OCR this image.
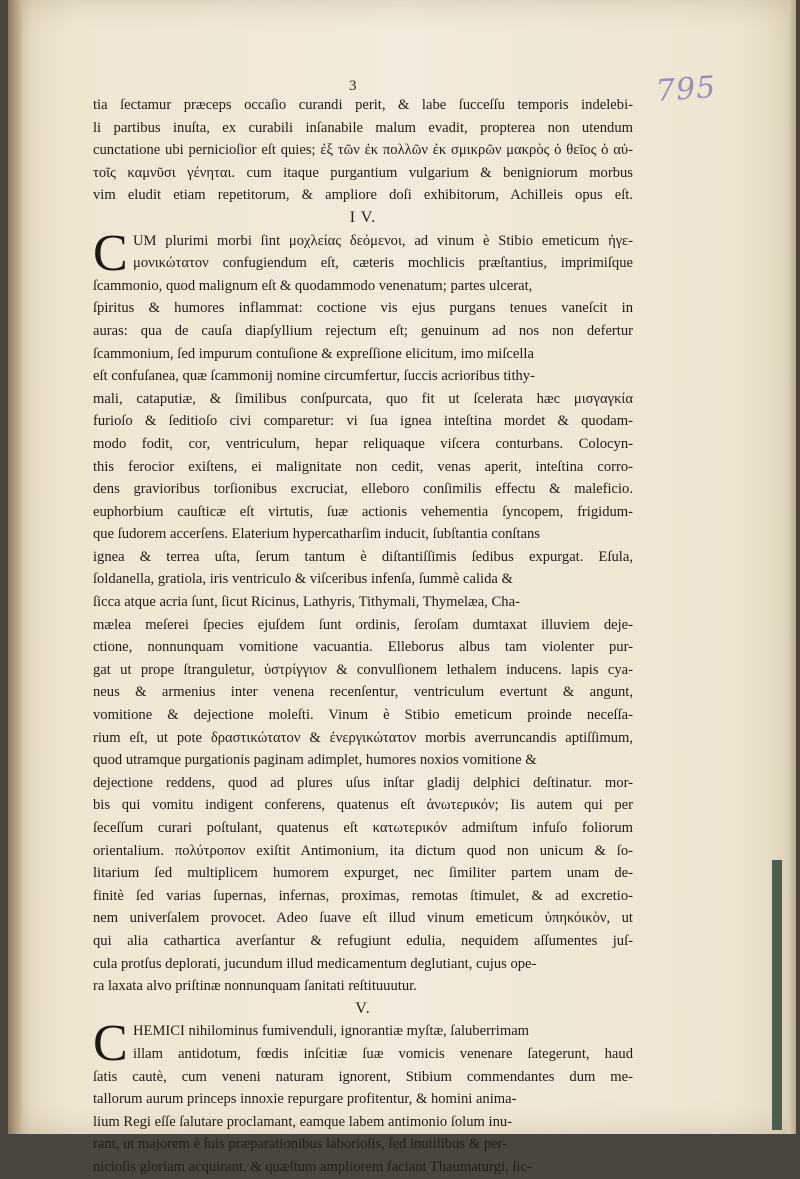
3	795
tia ſectamur præceps occaſio curandi perit, & labe ſucceſſu temporis indelebi-
li partibus inuſta, ex curabili inſanabile malum evadit, propterea non utendum
cunctatione ubi pernicioſior eſt quies; ἐξ τῶν ἐκ πολλῶν ἐκ σμικρῶν μακρὸς ὁ θεῖος ὁ αὐ-
τοῖς καμνῦσι γένηται. cum itaque purgantium vulgarium & benigniorum morbus
vim eludit etiam repetitorum, & ampliore doſi exhibitorum, Achilleis opus eſt.
I V.
C UM plurimi morbi ſint μοχλείας δεόμενοι, ad vinum è Stibio emeticum ἠγε-
μονικώτατον confugiendum eſt, cæteris mochlicis præſtantius, imprimiſque
ſcammonio, quod malignum eſt & quodammodo venenatum; partes ulcerat,
ſpiritus & humores inflammat: coctione vis ejus purgans tenues vaneſcit in
auras: qua de cauſa diapſyllium rejectum eſt; genuinum ad nos non defertur
ſcammonium, ſed impurum contuſione & expreſſione elicitum, imo miſcella
eſt confuſanea, quæ ſcammonij nomine circumfertur, ſuccis acrioribus tithy-
mali, cataputiæ, & ſimilibus conſpurcata, quo fit ut ſcelerata hæc μισγαγκία
furioſo & ſeditioſo civi comparetur: vi ſua ignea inteſtina mordet & quodam-
modo fodit, cor, ventriculum, hepar reliquaque viſcera conturbans. Colocyn-
this ferocior exiſtens, ei malignitate non cedit, venas aperit, inteſtina corro-
dens gravioribus torſionibus excruciat, elleboro conſimilis effectu & maleficio.
euphorbium cauſticæ eſt virtutis, ſuæ actionis vehementia ſyncopem, frigidum-
que ſudorem accerſens. Elaterium hypercatharſim inducit, ſubſtantia conſtans
ignea & terrea uſta, ſerum tantum è diſtantiſſimis ſedibus expurgat. Eſula,
ſoldanella, gratiola, iris ventriculo & viſceribus infenſa, ſummè calida &
ſicca atque acria ſunt, ſicut Ricinus, Lathyris, Tithymali, Thymelæa, Cha-
mælea meſerei ſpecies ejuſdem ſunt ordinis, ſeroſam dumtaxat illuviem deje-
ctione, nonnunquam vomitione vacuantia. Elleborus albus tam violenter pur-
gat ut prope ſtranguletur, ὑστρίγγιον & convulſionem lethalem inducens. lapis cya-
neus & armenius inter venena recenſentur, ventriculum evertunt & angunt,
vomitione & dejectione moleſti. Vinum è Stibio emeticum proinde neceſſa-
rium eſt, ut pote δραστικώτατον & ἐνεργικώτατον morbis averruncandis aptiſſimum,
quod utramque purgationis paginam adimplet, humores noxios vomitione &
dejectione reddens, quod ad plures uſus inſtar gladij delphici deſtinatur. mor-
bis qui vomitu indigent conferens, quatenus eſt ἀνωτερικόν; Iis autem qui per
ſeceſſum curari poſtulant, quatenus eſt κατωτερικόν admiſtum infuſo foliorum
orientalium. πολύτροπον exiſtit Antimonium, ita dictum quod non unicum & ſo-
litarium ſed multiplicem humorem expurget, nec ſimiliter partem unam de-
finitè ſed varias ſupernas, infernas, proximas, remotas ſtimulet, & ad excretio-
nem univerſalem provocet. Adeo ſuave eſt illud vinum emeticum ὑπηκόικὸν, ut
qui alia cathartica averſantur & refugiunt edulia, nequidem aſſumentes juſ-
cula protſus deplorati, jucundum illud medicamentum deglutiant, cujus ope-
ra laxata alvo priſtinæ nonnunquam ſanitati reſtituuutur.
V.
C HEMICI nihilominus fumivenduli, ignorantiæ myſtæ, ſaluberrimam
illam antidotum, fœdis inſcitiæ ſuæ vomicis venenare ſategerunt, haud
ſatis cautè, cum veneni naturam ignorent, Stibium commendantes dum me-
tallorum aurum princeps innoxie repurgare profitentur, & homini anima-
lium Regi eſſe ſalutare proclamant, eamque labem antimonio ſolum inu-
rant, ut majorem è ſuis præparationibus laborioſis, ſed inutilibus & per-
nicioſis gloriam acquirant, & quæſtum ampliorem faciant Thaumaturgi, ſic-
